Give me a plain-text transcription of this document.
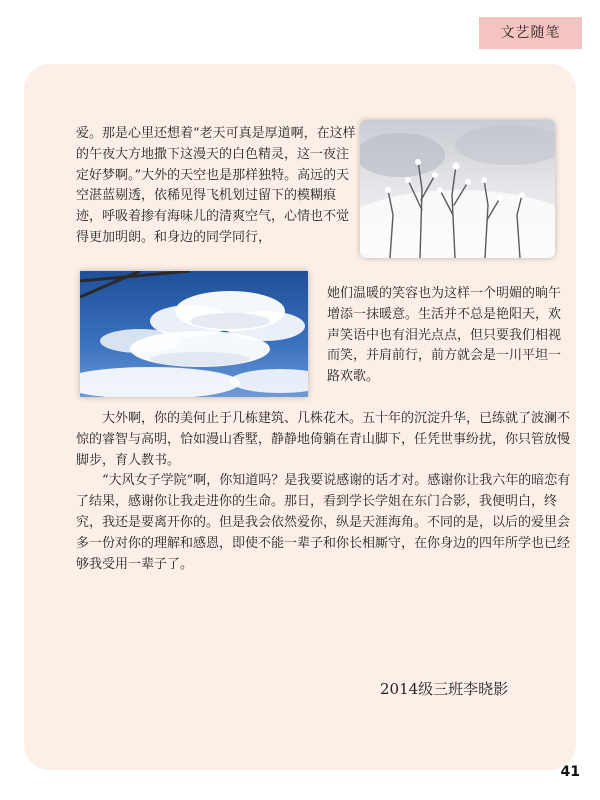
文艺随笔

爱。那是心里还想着“老天可真是厚道啊，在这样的午夜大方地撒下这漫天的白色精灵，这一夜注定好梦啊。”大外的天空也是那样独特。高远的天空湛蓝剔透，依稀见得飞机划过留下的模糊痕迹，呼吸着掺有海味儿的清爽空气，心情也不觉得更加明朗。和身边的同学同行，

她们温暖的笑容也为这样一个明媚的晌午增添一抹暖意。生活并不总是艳阳天，欢声笑语中也有泪光点点，但只要我们相视而笑，并肩前行，前方就会是一川平坦一路欢歌。

大外啊，你的美何止于几栋建筑、几株花木。五十年的沉淀升华，已练就了波澜不惊的睿智与高明，恰如漫山香墅，静静地倚躺在青山脚下，任凭世事纷扰，你只管放慢脚步，育人教书。

“大风女子学院”啊，你知道吗？是我要说感谢的话才对。感谢你让我六年的暗恋有了结果，感谢你让我走进你的生命。那日，看到学长学姐在东门合影，我便明白，终究，我还是要离开你的。但是我会依然爱你，纵是天涯海角。不同的是，以后的爱里会多一份对你的理解和感恩，即使不能一辈子和你长相厮守，在你身边的四年所学也已经够我受用一辈子了。

2014级三班李晓影
41
